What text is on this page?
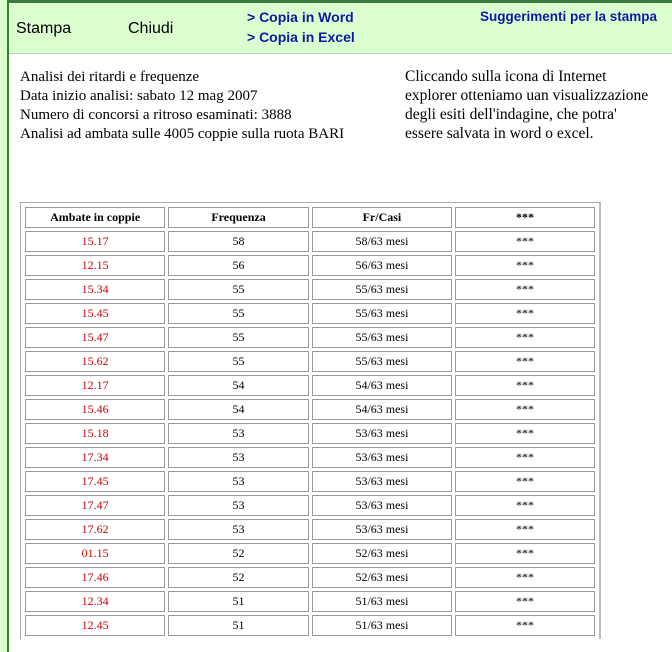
Stampa	Chiudi
> Copia in Word
> Copia in Excel
Suggerimenti per la stampa
Analisi dei ritardi e frequenze
Data inizio analisi: sabato 12 mag 2007
Numero di concorsi a ritroso esaminati: 3888
Analisi ad ambata sulle 4005 coppie sulla ruota BARI
Cliccando sulla icona di Internet explorer otteniamo uan visualizzazione degli esiti dell'indagine, che potra' essere salvata in word o excel.
Ambate in coppie	Frequenza	Fr/Casi	***
15.17	58	58/63 mesi	***
12.15	56	56/63 mesi	***
15.34	55	55/63 mesi	***
15.45	55	55/63 mesi	***
15.47	55	55/63 mesi	***
15.62	55	55/63 mesi	***
12.17	54	54/63 mesi	***
15.46	54	54/63 mesi	***
15.18	53	53/63 mesi	***
17.34	53	53/63 mesi	***
17.45	53	53/63 mesi	***
17.47	53	53/63 mesi	***
17.62	53	53/63 mesi	***
01.15	52	52/63 mesi	***
17.46	52	52/63 mesi	***
12.34	51	51/63 mesi	***
12.45	51	51/63 mesi	***
